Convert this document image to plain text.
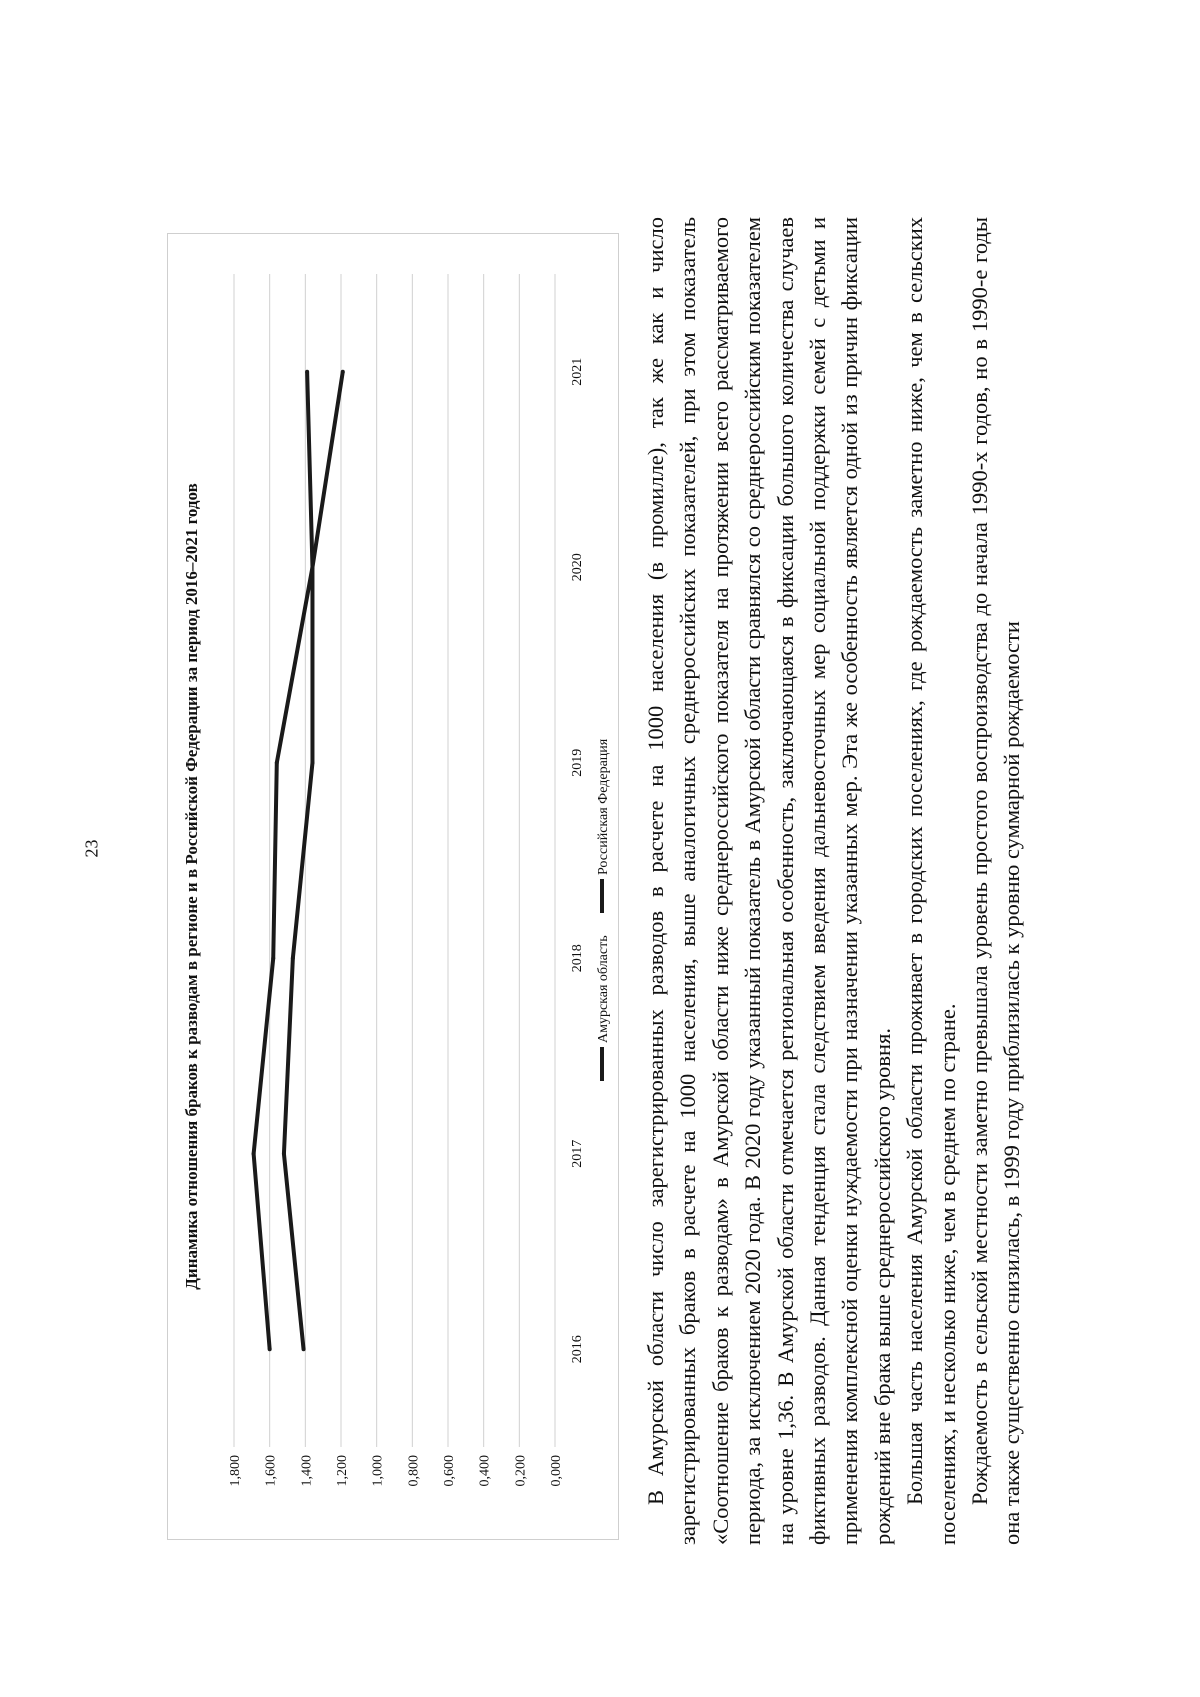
23
0,000
0,200
0,400
0,600
0,800
1,000
1,200
1,400
1,600
1,800
2016
2017
2018
2019
2020
2021
Амурская область
Российская Федерация
Динамика отношения браков к разводам в регионе и в Российской Федерации за период 2016–2021 годов	В Амурской области число зарегистрированных разводов в расчете на 1000 населения (в промилле), так же как и число зарегистрированных браков в расчете на 1000 населения, выше аналогичных среднероссийских показателей, при этом показатель «Соотношение браков к разводам» в Амурской области ниже среднероссийского показателя на протяжении всего рассматриваемого периода, за исключением 2020 года. В 2020 году указанный показатель в Амурской области сравнялся со среднероссийским показателем на уровне 1,36. В Амурской области отмечается региональная особенность, заключающаяся в фиксации большого количества случаев фиктивных разводов. Данная тенденция стала следствием введения дальневосточных мер социальной поддержки семей с детьми и применения комплексной оценки нуждаемости при назначении указанных мер. Эта же особенность является одной из причин фиксации рождений вне брака выше среднероссийского уровня. Большая часть населения Амурской области проживает в городских поселениях, где рождаемость заметно ниже, чем в сельских поселениях, и несколько ниже, чем в среднем по стране. Рождаемость в сельской местности заметно превышала уровень простого воспроизводства до начала 1990-х годов, но в 1990-е годы она также существенно снизилась, в 1999 году приблизилась к уровню суммарной рождаемости
